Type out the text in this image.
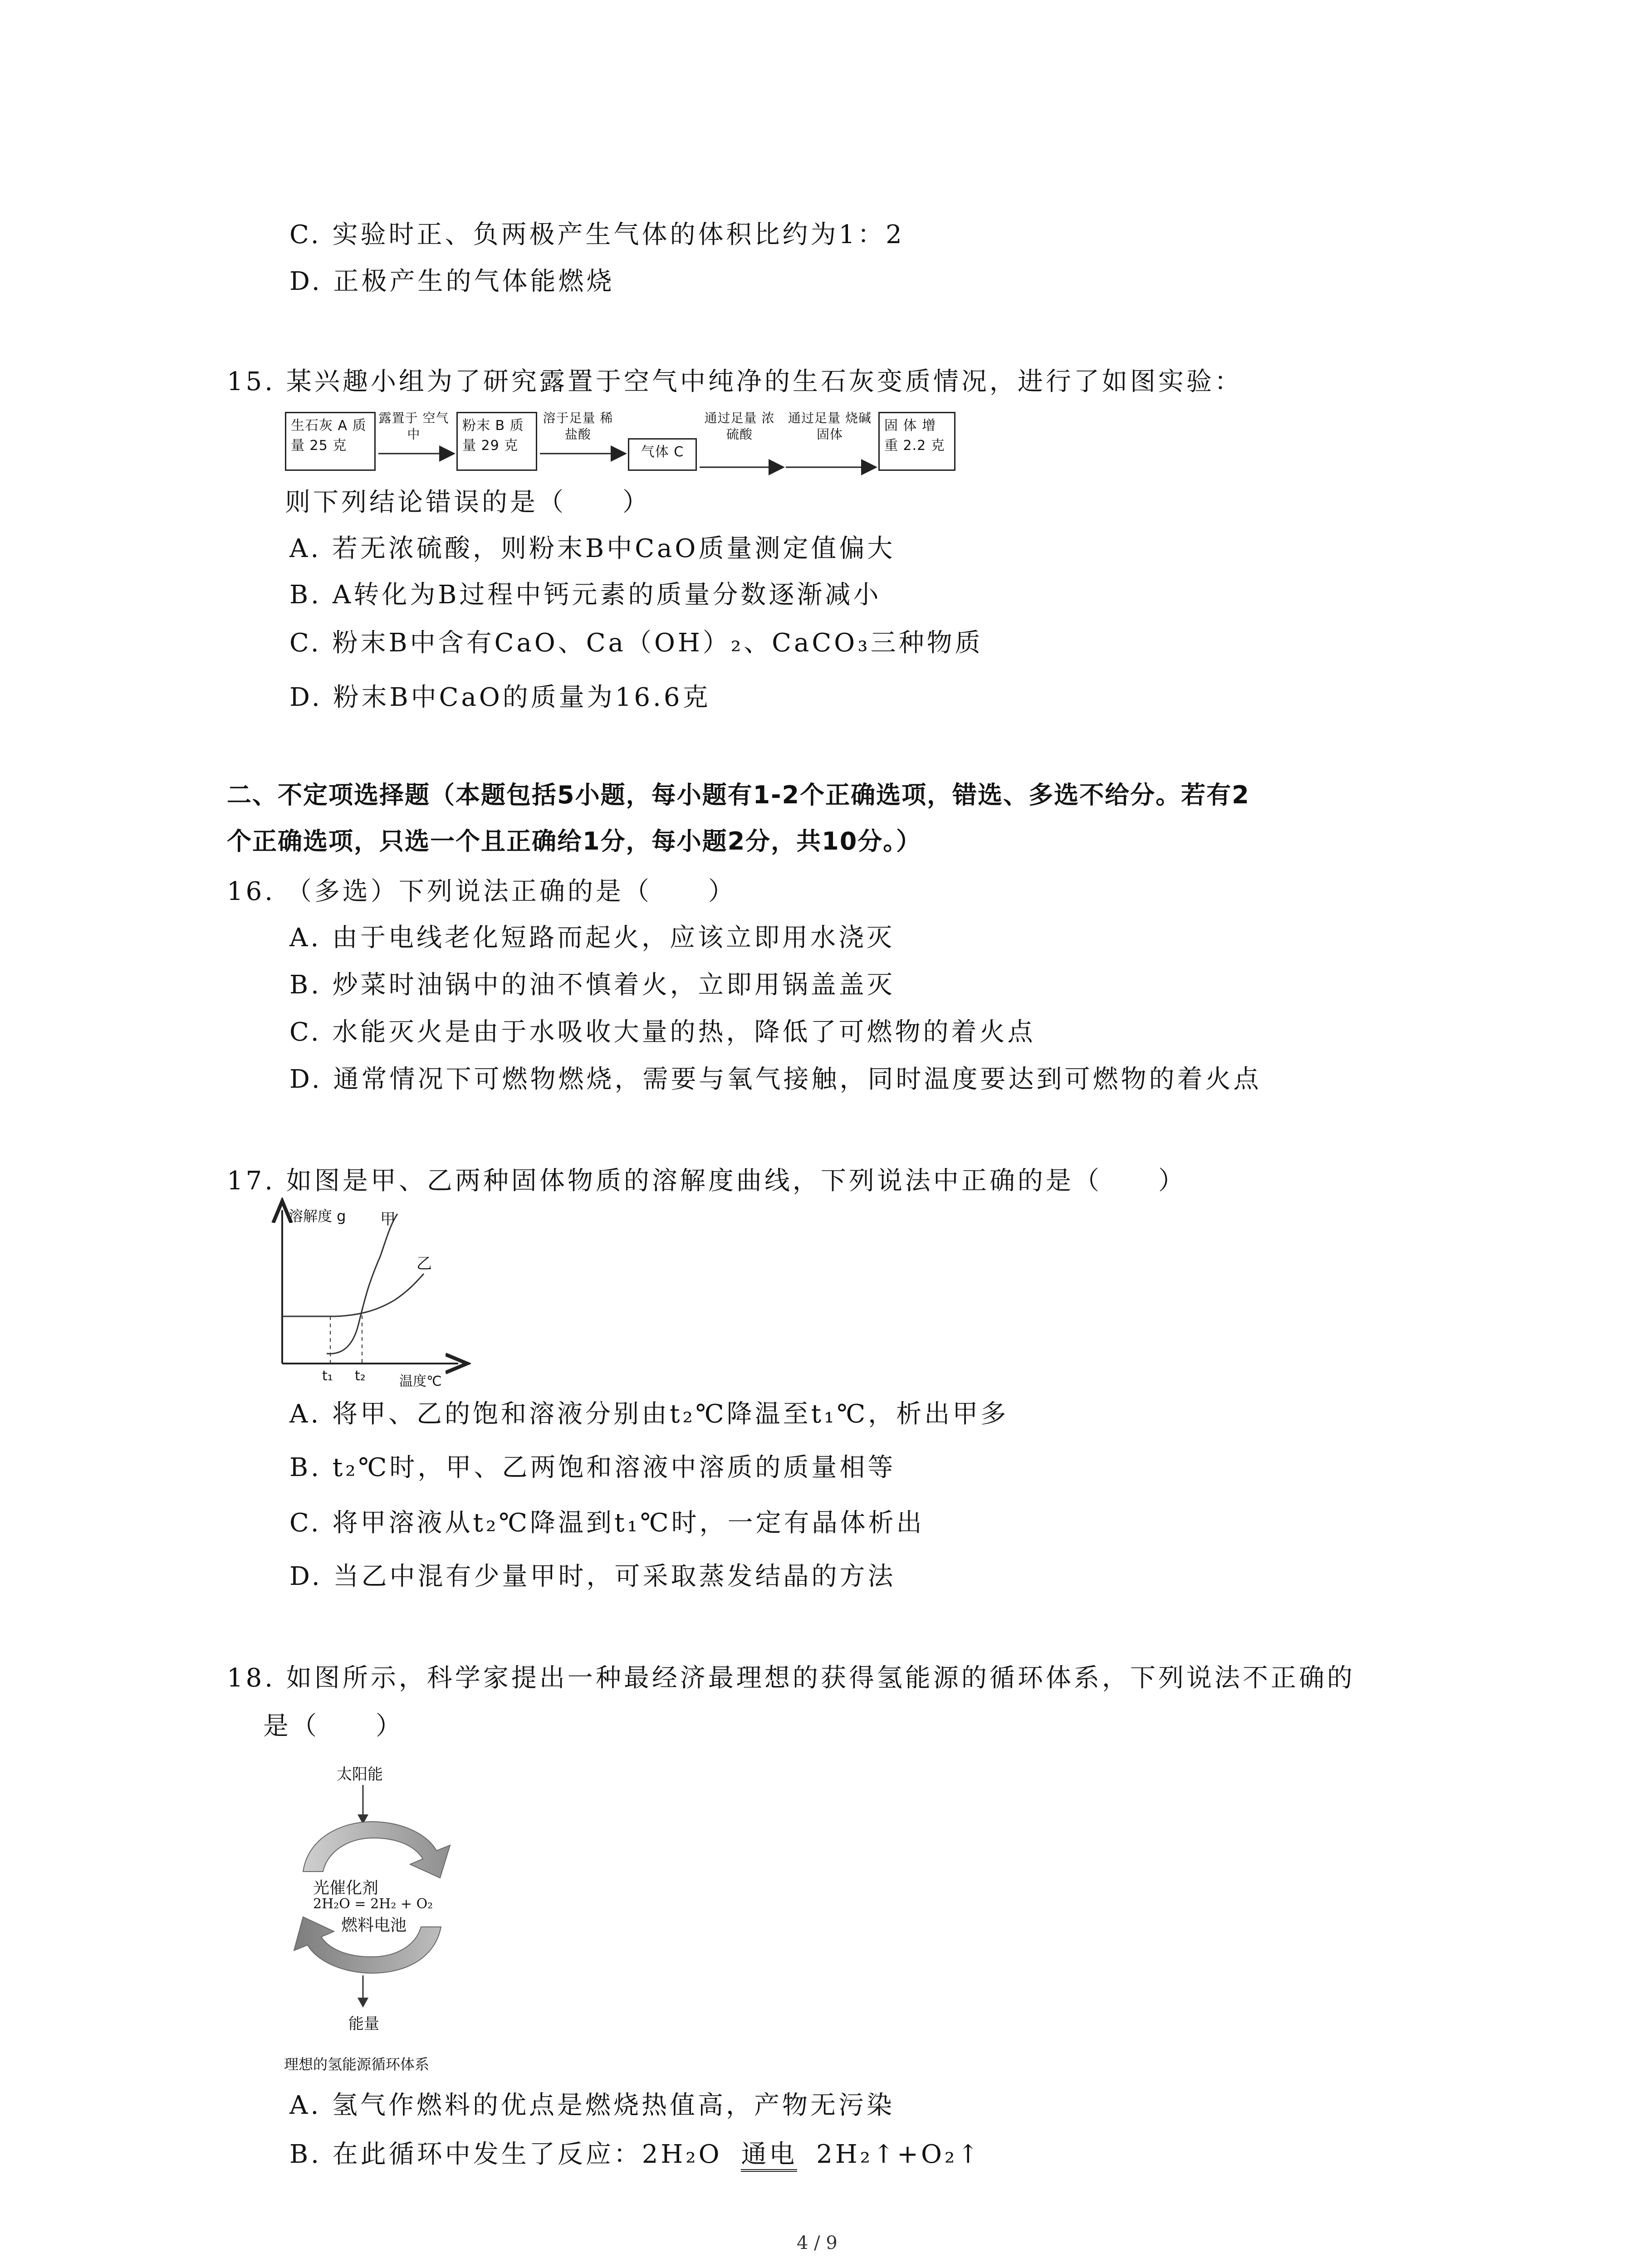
C. 实验时正、负两极产生气体的体积比约为1：2
D. 正极产生的气体能燃烧
15. 某兴趣小组为了研究露置于空气中纯净的生石灰变质情况，进行了如图实验：
生石灰 A 质量 25 克
露置于 空气中
粉末 B 质 量 29 克
溶于足量 稀盐酸
气体 C
通过足量 浓硫酸
通过足量 烧碱固体
固 体 增 重 2.2 克
则下列结论错误的是（　　）
A. 若无浓硫酸，则粉末B中CaO质量测定值偏大
B. A转化为B过程中钙元素的质量分数逐渐减小
C. 粉末B中含有CaO、Ca（OH）₂、CaCO₃三种物质
D. 粉末B中CaO的质量为16.6克
二、不定项选择题（本题包括5小题，每小题有1-2个正确选项，错选、多选不给分。若有2
个正确选项，只选一个且正确给1分，每小题2分，共10分。）
16. （多选）下列说法正确的是（　　）
A. 由于电线老化短路而起火，应该立即用水浇灭
B. 炒菜时油锅中的油不慎着火，立即用锅盖盖灭
C. 水能灭火是由于水吸收大量的热，降低了可燃物的着火点
D. 通常情况下可燃物燃烧，需要与氧气接触，同时温度要达到可燃物的着火点
17. 如图是甲、乙两种固体物质的溶解度曲线，下列说法中正确的是（　　）
溶解度 g 甲
乙
t₁ t₂ 温度℃
A. 将甲、乙的饱和溶液分别由t₂℃降温至t₁℃，析出甲多
B. t₂℃时，甲、乙两饱和溶液中溶质的质量相等
C. 将甲溶液从t₂℃降温到t₁℃时，一定有晶体析出
D. 当乙中混有少量甲时，可采取蒸发结晶的方法
18. 如图所示，科学家提出一种最经济最理想的获得氢能源的循环体系，下列说法不正确的
是（　　）
太阳能
光催化剂
2H₂O = 2H₂ + O₂
燃料电池
能量
理想的氢能源循环体系
A. 氢气作燃料的优点是燃烧热值高，产物无污染
B. 在此循环中发生了反应：2H₂O 通电 2H₂↑+O₂↑
4 / 9
